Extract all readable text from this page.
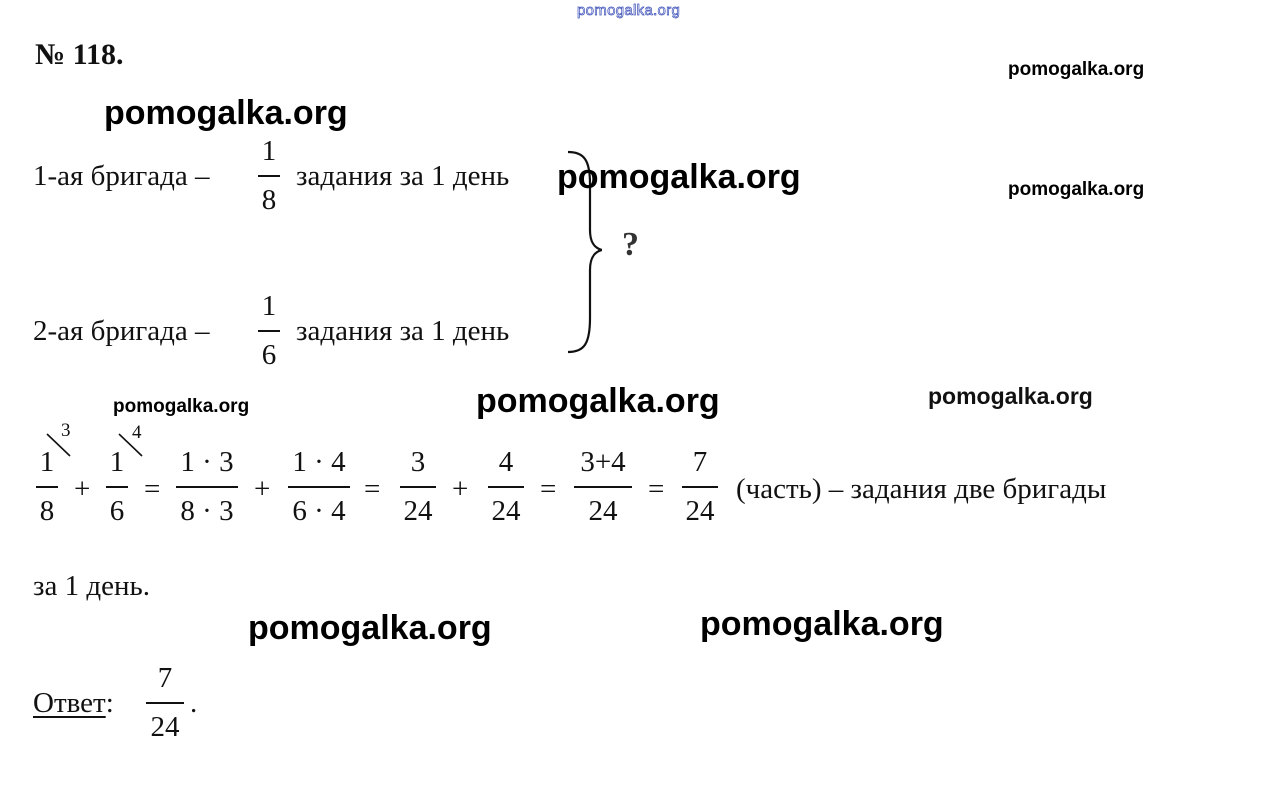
pomogalka.org
№ 118.
1-ая бригада –
1
8
задания за 1 день
2-ая бригада –
1
6
задания за 1 день
?
1
8
3
+
1
6
4
=
1 · 3
8 · 3
+
1 · 4
6 · 4
=
3
24
+
4
24
=
3+4
24
=
7
24
(часть) – задания две бригады
за 1 день.
Ответ:
7
24
.
pomogalka.org
pomogalka.org
pomogalka.org	pomogalka.org
pomogalka.org	pomogalka.org	pomogalka.org
pomogalka.org	pomogalka.org
